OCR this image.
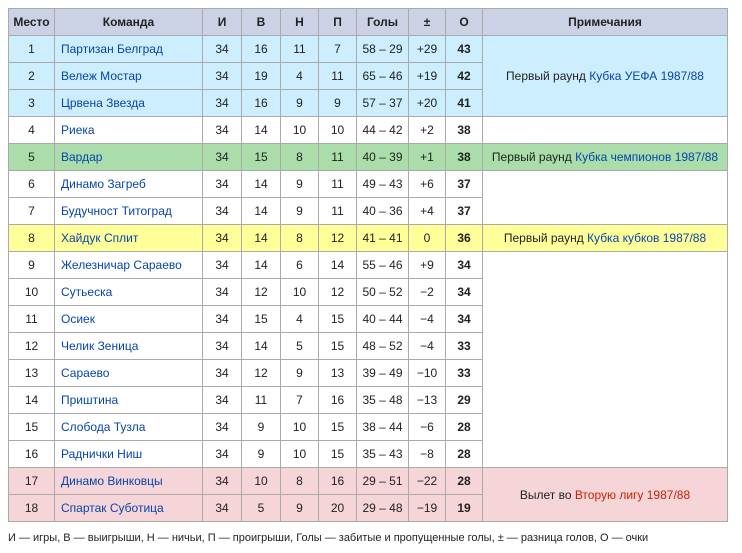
Место	Команда	И	В	Н	П	Голы	±	О	Примечания
1	Партизан Белград	34	16	11	7	58 – 29	+29	43	Первый раунд Кубка УЕФА 1987/88
2	Вележ Мостар	34	19	4	11	65 – 46	+19	42	
3	Црвена Звезда	34	16	9	9	57 – 37	+20	41	
4	Риека	34	14	10	10	44 – 42	+2	38	
5	Вардар	34	15	8	11	40 – 39	+1	38	Первый раунд Кубка чемпионов 1987/88
6	Динамо Загреб	34	14	9	11	49 – 43	+6	37	
7	Будучност Титоград	34	14	9	11	40 – 36	+4	37	
8	Хайдук Сплит	34	14	8	12	41 – 41	0	36	Первый раунд Кубка кубков 1987/88
9	Железничар Сараево	34	14	6	14	55 – 46	+9	34	
10	Сутьеска	34	12	10	12	50 – 52	−2	34	
11	Осиек	34	15	4	15	40 – 44	−4	34	
12	Челик Зеница	34	14	5	15	48 – 52	−4	33	
13	Сараево	34	12	9	13	39 – 49	−10	33	
14	Приштина	34	11	7	16	35 – 48	−13	29	
15	Слобода Тузла	34	9	10	15	38 – 44	−6	28	
16	Раднички Ниш	34	9	10	15	35 – 43	−8	28	
17	Динамо Винковцы	34	10	8	16	29 – 51	−22	28	Вылет во Вторую лигу 1987/88
18	Спартак Суботица	34	5	9	20	29 – 48	−19	19	
И — игры, В — выигрыши, Н — ничьи, П — проигрыши, Голы — забитые и пропущенные голы, ± — разница голов, О — очки
